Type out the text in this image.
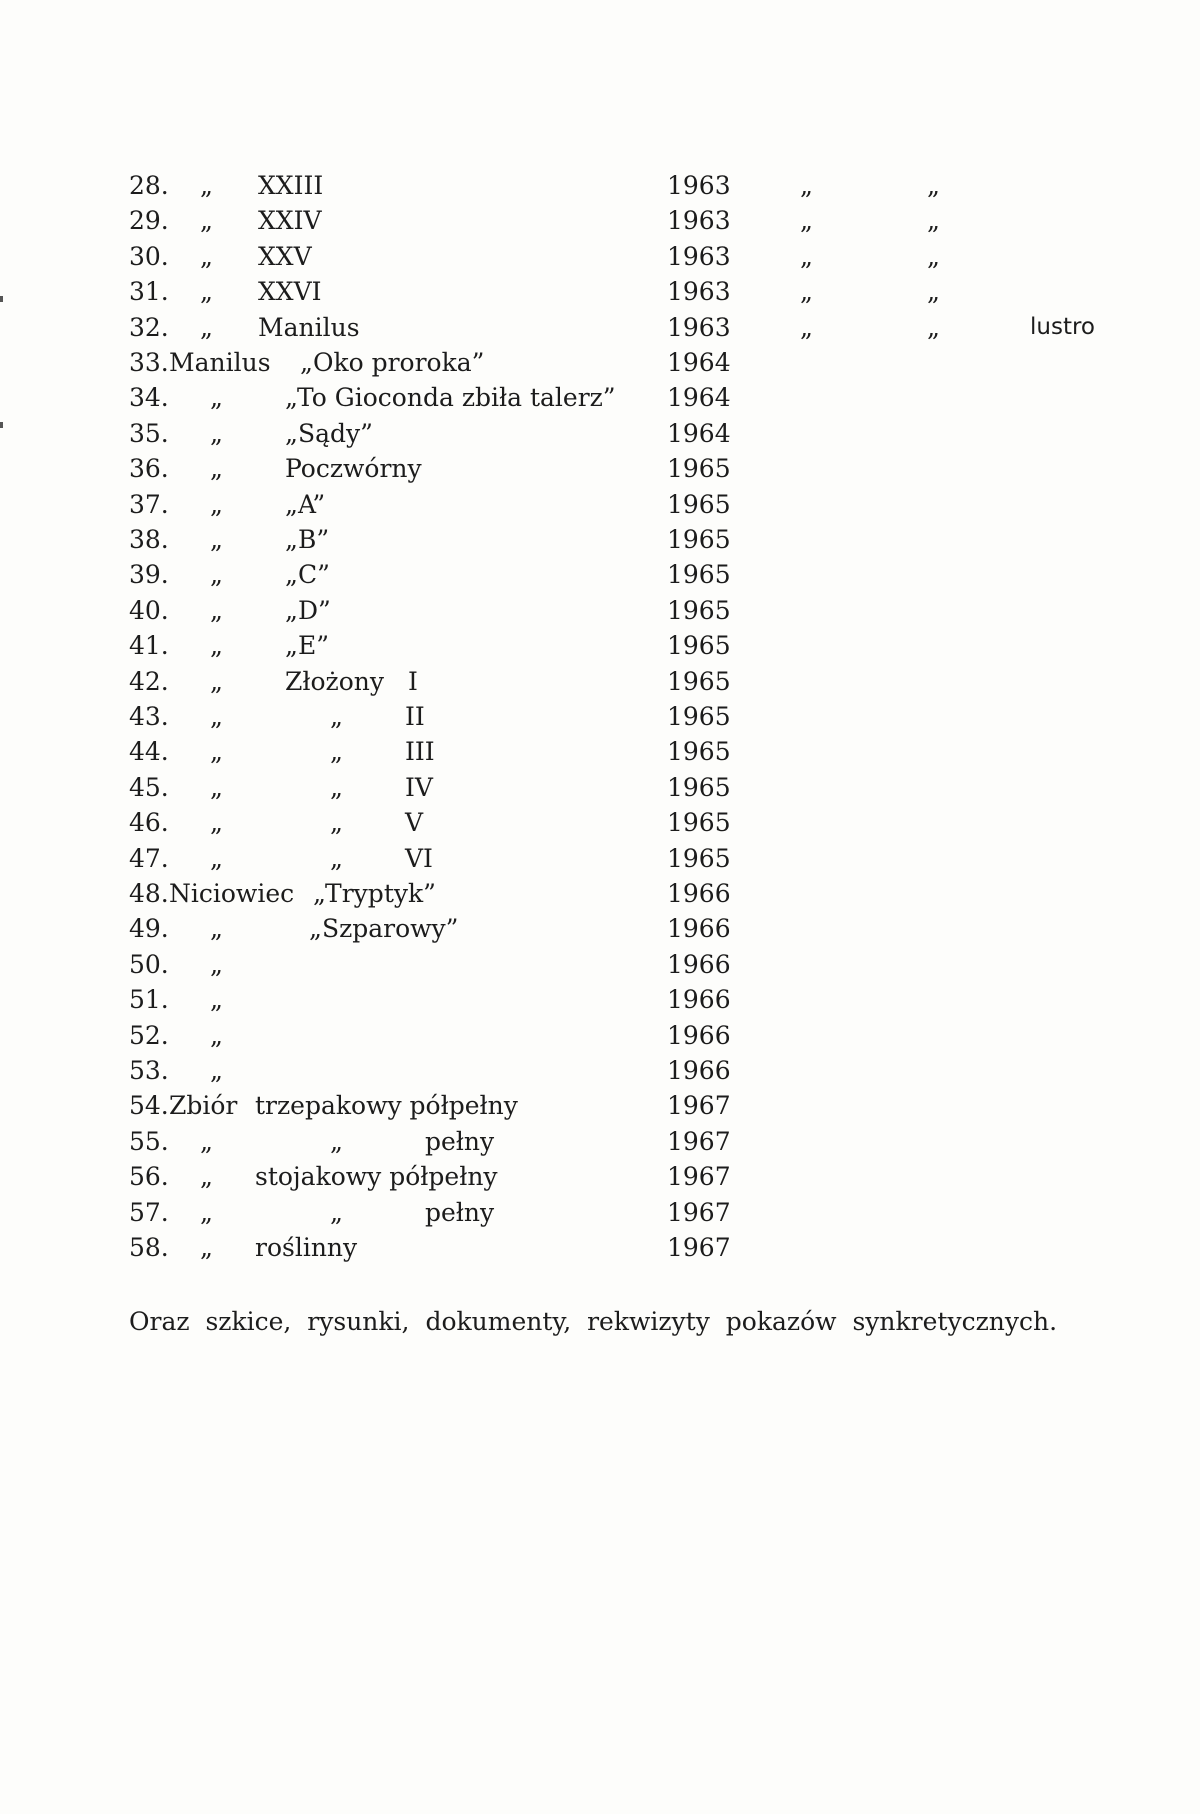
28. „ XXIII	1963	„	„
29. „ XXIV	1963	„	„
30. „ XXV	1963	„	„
31. „ XXVI	1963	„	„
32. „ Manilus	1963	„	„	lustro
33. Manilus „Oko proroka”	1964
34. „ „To Gioconda zbiła talerz” 1964
35. „ „Sądy”	1964
36. „ Poczwórny	1965
37. „ „A”	1965
38. „ „B”	1965
39. „ „C”	1965
40. „ „D”	1965
41. „ „E”	1965
42. „ Złożony I	1965
43. „	„ II	1965
44. „	„ III	1965
45. „	„ IV	1965
46. „	„ V	1965
47. „	„ VI	1965
48. Niciowiec „Tryptyk”	1966
49. „	„Szparowy”	1966
50. „	1966
51. „	1966
52. „	1966
53. „	1966
54. Zbiór trzepakowy półpełny	1967
55. „	„	pełny	1967
56. „ stojakowy półpełny	1967
57. „	„	pełny	1967
58. „ roślinny	1967
Oraz szkice, rysunki, dokumenty, rekwizyty pokazów synkretycznych.
